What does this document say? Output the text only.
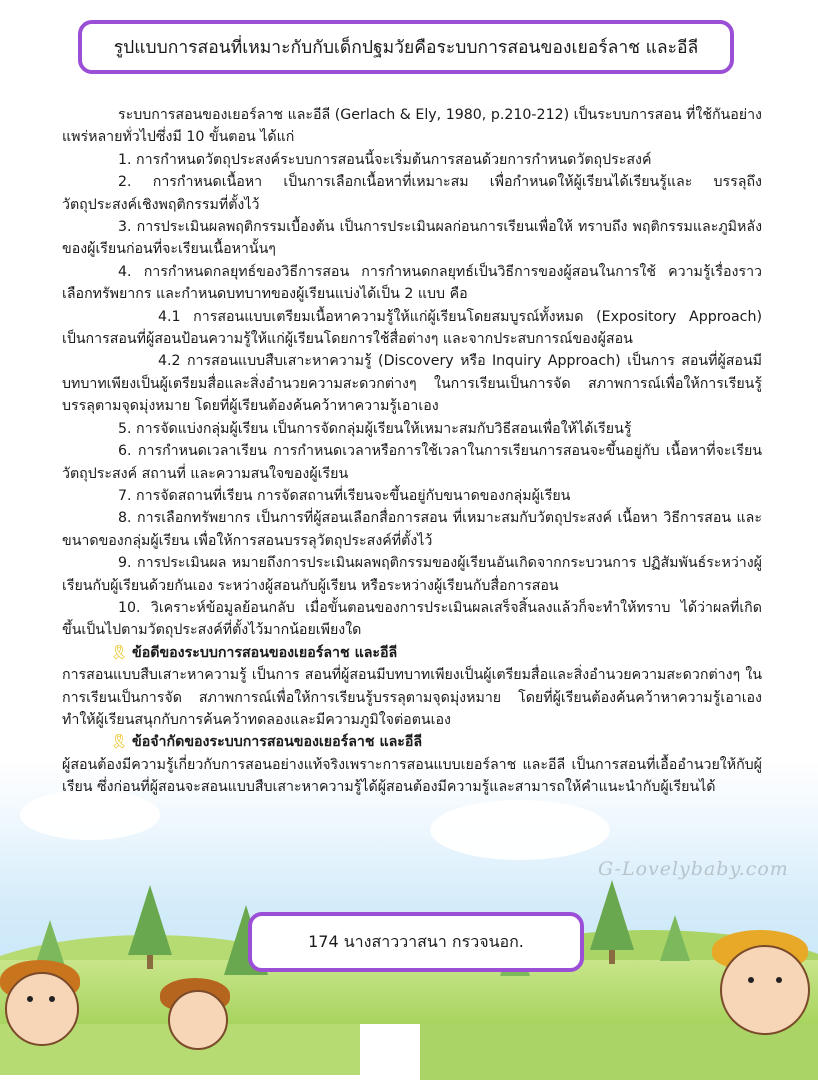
G-Lovelybaby.com
รูปแบบการสอนที่เหมาะกับกับเด็กปฐมวัยคือระบบการสอนของเยอร์ลาช และอีลี

ระบบการสอนของเยอร์ลาช และอีลี (Gerlach & Ely, 1980, p.210-212) เป็นระบบการสอน ที่ใช้กันอย่างแพร่หลายทั่วไปซึ่งมี 10 ขั้นตอน ได้แก่

1. การกำหนดวัตถุประสงค์ระบบการสอนนี้จะเริ่มต้นการสอนด้วยการกำหนดวัตถุประสงค์

2. การกำหนดเนื้อหา เป็นการเลือกเนื้อหาที่เหมาะสม เพื่อกำหนดให้ผู้เรียนได้เรียนรู้และ บรรลุถึงวัตถุประสงค์เชิงพฤติกรรมที่ตั้งไว้

3. การประเมินผลพฤติกรรมเบื้องต้น เป็นการประเมินผลก่อนการเรียนเพื่อให้ ทราบถึง พฤติกรรมและภูมิหลังของผู้เรียนก่อนที่จะเรียนเนื้อหานั้นๆ

4. การกำหนดกลยุทธ์ของวิธีการสอน การกำหนดกลยุทธ์เป็นวิธีการของผู้สอนในการใช้ ความรู้เรื่องราว เลือกทรัพยากร และกำหนดบทบาทของผู้เรียนแบ่งได้เป็น 2 แบบ คือ

4.1 การสอนแบบเตรียมเนื้อหาความรู้ให้แก่ผู้เรียนโดยสมบูรณ์ทั้งหมด (Expository Approach) เป็นการสอนที่ผู้สอนป้อนความรู้ให้แก่ผู้เรียนโดยการใช้สื่อต่างๆ และจากประสบการณ์ของผู้สอน

4.2 การสอนแบบสืบเสาะหาความรู้ (Discovery หรือ Inquiry Approach) เป็นการ สอนที่ผู้สอนมีบทบาทเพียงเป็นผู้เตรียมสื่อและสิ่งอำนวยความสะดวกต่างๆ ในการเรียนเป็นการจัด สภาพการณ์เพื่อให้การเรียนรู้บรรลุตามจุดมุ่งหมาย โดยที่ผู้เรียนต้องค้นคว้าหาความรู้เอาเอง

5. การจัดแบ่งกลุ่มผู้เรียน เป็นการจัดกลุ่มผู้เรียนให้เหมาะสมกับวิธีสอนเพื่อให้ได้เรียนรู้

6. การกำหนดเวลาเรียน การกำหนดเวลาหรือการใช้เวลาในการเรียนการสอนจะขึ้นอยู่กับ เนื้อหาที่จะเรียน วัตถุประสงค์ สถานที่ และความสนใจของผู้เรียน

7. การจัดสถานที่เรียน การจัดสถานที่เรียนจะขึ้นอยู่กับขนาดของกลุ่มผู้เรียน

8. การเลือกทรัพยากร เป็นการที่ผู้สอนเลือกสื่อการสอน ที่เหมาะสมกับวัตถุประสงค์ เนื้อหา วิธีการสอน และขนาดของกลุ่มผู้เรียน เพื่อให้การสอนบรรลุวัตถุประสงค์ที่ตั้งไว้

9. การประเมินผล หมายถึงการประเมินผลพฤติกรรมของผู้เรียนอันเกิดจากกระบวนการ ปฏิสัมพันธ์ระหว่างผู้เรียนกับผู้เรียนด้วยกันเอง ระหว่างผู้สอนกับผู้เรียน หรือระหว่างผู้เรียนกับสื่อการสอน

10. วิเคราะห์ข้อมูลย้อนกลับ เมื่อขั้นตอนของการประเมินผลเสร็จสิ้นลงแล้วก็จะทำให้ทราบ ได้ว่าผลที่เกิดขึ้นเป็นไปตามวัตถุประสงค์ที่ตั้งไว้มากน้อยเพียงใด

🎗 ข้อดีของระบบการสอนของเยอร์ลาช และอีลี

การสอนแบบสืบเสาะหาความรู้ เป็นการ สอนที่ผู้สอนมีบทบาทเพียงเป็นผู้เตรียมสื่อและสิ่งอำนวยความสะดวกต่างๆ ในการเรียนเป็นการจัด สภาพการณ์เพื่อให้การเรียนรู้บรรลุตามจุดมุ่งหมาย โดยที่ผู้เรียนต้องค้นคว้าหาความรู้เอาเอง ทำให้ผู้เรียนสนุกกับการค้นคว้าทดลองและมีความภูมิใจต่อตนเอง

🎗 ข้อจำกัดของระบบการสอนของเยอร์ลาช และอีลี

ผู้สอนต้องมีความรู้เกี่ยวกับการสอนอย่างแท้จริงเพราะการสอนแบบเยอร์ลาช และอีลี เป็นการสอนที่เอื้ออำนวยให้กับผู้เรียน ซึ่งก่อนที่ผู้สอนจะสอนแบบสืบเสาะหาความรู้ได้ผู้สอนต้องมีความรู้และสามารถให้คำแนะนำกับผู้เรียนได้

174 นางสาววาสนา กรวจนอก.
